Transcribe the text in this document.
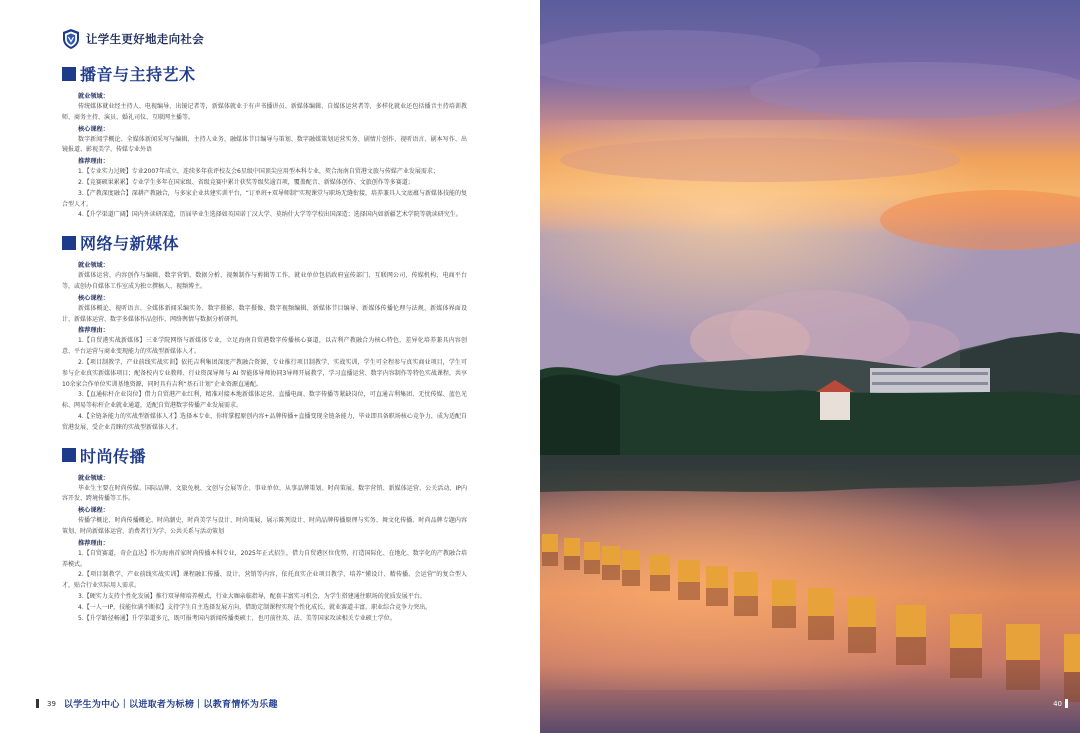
让学生更好地走向社会
播音与主持艺术
就业领域：
传统媒体就业经主持人、电视编导、出镜记者等，新媒体就业于有声书播讲员、新媒体编辑、自媒体运营者等，多样化就业还包括播音主持培训教师、商务主持、演员、婚礼司仪、互联网主播等。
核心课程：
数字新闻学概论、全媒体新闻采写与编辑、主持人业务、融媒体节目编导与策划、数字融媒策划运营实务、剧情片创作、视听语言、剧本写作、出镜报道、影视美学、传媒专业外语
推荐理由：
1.【专业实力过硬】专业2007年成立，连续多年获评校友会6星级中国顶尖应用型本科专业，契合海南自贸港文旅与传媒产业发展需求；
2.【竞赛硕果累累】专业学生多年在国家级、省级竞赛中累计获奖等级奖逾百项，覆盖配音、新媒体创作、文旅创作等多赛道；
3.【产教深度融合】深耕产教融合，与多家企业共建实训平台，“订单班+双导师制”实现课堂与职场无缝衔接，培养兼具人文底蕴与新媒体技能的复合型人才。
4.【升学渠道广阔】国内外读研深造，历届毕业生选择如英国诺丁汉大学、莫纳什大学等学校出国深造；选择国内如新疆艺术学院等就读研究生。
网络与新媒体
就业领域：
新媒体运营、内容创作与编辑、数字营销、数据分析、视频制作与剪辑等工作，就业单位包括政府宣传部门、互联网公司、传媒机构、电商平台等，或创办自媒体工作室成为独立撰稿人、视频博主。
核心课程：
新媒体概论、视听语言、全媒体新闻采编实务、数字摄影、数字摄像、数字视频编辑、新媒体节目编导、新媒体传播伦理与法规、新媒体界面设计、新媒体运营、数字多媒体作品创作、网络舆情与数据分析研判。
推荐理由：
1.【自贸港实战新媒体】三亚学院网络与新媒体专业，立足海南自贸港数字传播核心赛道，以吉利产教融合为核心特色，差异化培养兼具内容创意、平台运营与商业变现能力的实战型新媒体人才。
2.【项目制教学，产业前线实战实训】依托吉利集团深度产教融合资源，专业推行项目制教学、实战实训，学生可全程参与真实商业项目，学生可参与企业真实新媒体项目；配备校内专业教师、行业资深导师与 AI 智能体导师协同3导师开展教学，学习直播运营、数字内容制作等特色实战课程，共享10余家合作单位实训基地资源，同时具有吉利“基石计划”企业资源直通配。
3.【直通标杆企业岗位】借力自贸港产业红利，精准对接本地新媒体运营、直播电商、数字传播等紧缺岗位，可直通吉利集团、无忧传媒、蓝色光标、网易等标杆企业就业通道，适配自贸港数字传播产业发展需求。
4.【全链条能力的实战型新媒体人才】选择本专业，你将掌握原创内容+品牌传播+直播变现全链条能力，毕业即具备职场核心竞争力，成为适配自贸港发展、受企业青睐的实战型新媒体人才。
时尚传播
就业领域：
毕业生主要在时尚传媒、国际品牌、文旅免税、文创与会展等企、事业单位，从事品牌策划、时尚策展、数字营销、新媒体运营、公关活动、IP内容开发、跨境传播等工作。
核心课程：
传播学概论、时尚传播概论、时尚潮史、时尚美学与设计、时尚策展、展示陈列设计、时尚品牌传播原理与实务、舞文化传播、时尚品牌专题内容策划、时尚新媒体运营、消费者行为学、公共关系与活动策划
推荐理由：
1.【自贸赛道，奇企直达】作为海南首家时尚传播本科专业，2025年正式招生，借力自贸港区位优势，打造国际化、在地化、数字化的产教融合培养模式。
2.【项目制教学，产业前线实战实训】课程融汇传播、设计、营销等内容，依托真实企业项目教学，培养“懂设计、精传播、会运营”的复合型人才，贴合行业实际用人需求。
3.【硬实力支持个性化发展】推行双导师培养模式，行业大咖亲临指导，配套丰富实习机会，为学生搭建通往职场的优质发展平台。
4.【一人一IP，技能位满不断拟】支持学生自主选择发展方向，借助定制课程实现个性化成长，就业赛道丰富，职业综合竞争力突出。
5.【升学路径畅通】升学渠道多元，既可报考国内新闻传播类硕士，也可前往英、法、美等国家攻读相关专业硕士学位。
39 以学生为中心｜以进取者为标榜｜以教育情怀为乐趣	40
